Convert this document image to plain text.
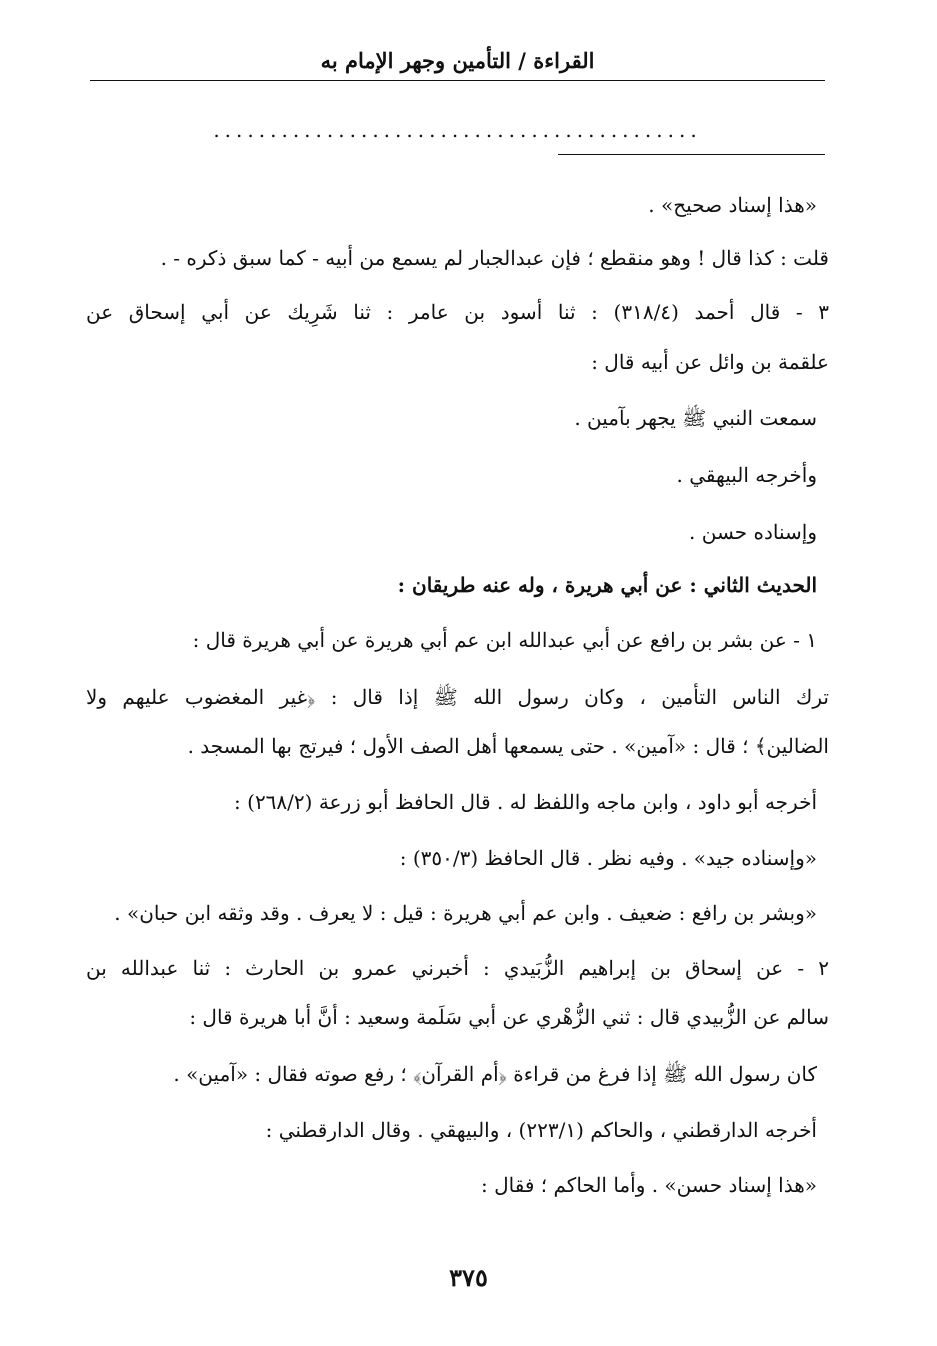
القراءة / التأمين وجهر الإمام به
...........................................
«هذا إسناد صحيح» .
قلت : كذا قال ! وهو منقطع ؛ فإن عبدالجبار لم يسمع من أبيه - كما سبق ذكره - .
٣ - قال أحمد (٣١٨/٤) : ثنا أسود بن عامر : ثنا شَرِيك عن أبي إسحاق عن
علقمة بن وائل عن أبيه قال :
سمعت النبي ﷺ يجهر بآمين .
وأخرجه البيهقي .
وإسناده حسن .
الحديث الثاني : عن أبي هريرة ، وله عنه طريقان :
١ - عن بشر بن رافع عن أبي عبدالله ابن عم أبي هريرة عن أبي هريرة قال :
ترك الناس التأمين ، وكان رسول الله ﷺ إذا قال : ﴿غير المغضوب عليهم ولا
الضالين﴾ ؛ قال : «آمين» . حتى يسمعها أهل الصف الأول ؛ فيرتج بها المسجد .
أخرجه أبو داود ، وابن ماجه واللفظ له . قال الحافظ أبو زرعة (٢٦٨/٢) :
«وإسناده جيد» . وفيه نظر . قال الحافظ (٣٥٠/٣) :
«وبشر بن رافع : ضعيف . وابن عم أبي هريرة : قيل : لا يعرف . وقد وثقه ابن حبان» .
٢ - عن إسحاق بن إبراهيم الزُّبَيدي : أخبرني عمرو بن الحارث : ثنا عبدالله بن
سالم عن الزُّبيدي قال : ثني الزُّهْري عن أبي سَلَمة وسعيد : أنَّ أبا هريرة قال :
كان رسول الله ﷺ إذا فرغ من قراءة ﴿أم القرآن﴾ ؛ رفع صوته فقال : «آمين» .
أخرجه الدارقطني ، والحاكم (٢٢٣/١) ، والبيهقي . وقال الدارقطني :
«هذا إسناد حسن» . وأما الحاكم ؛ فقال :
٣٧٥
